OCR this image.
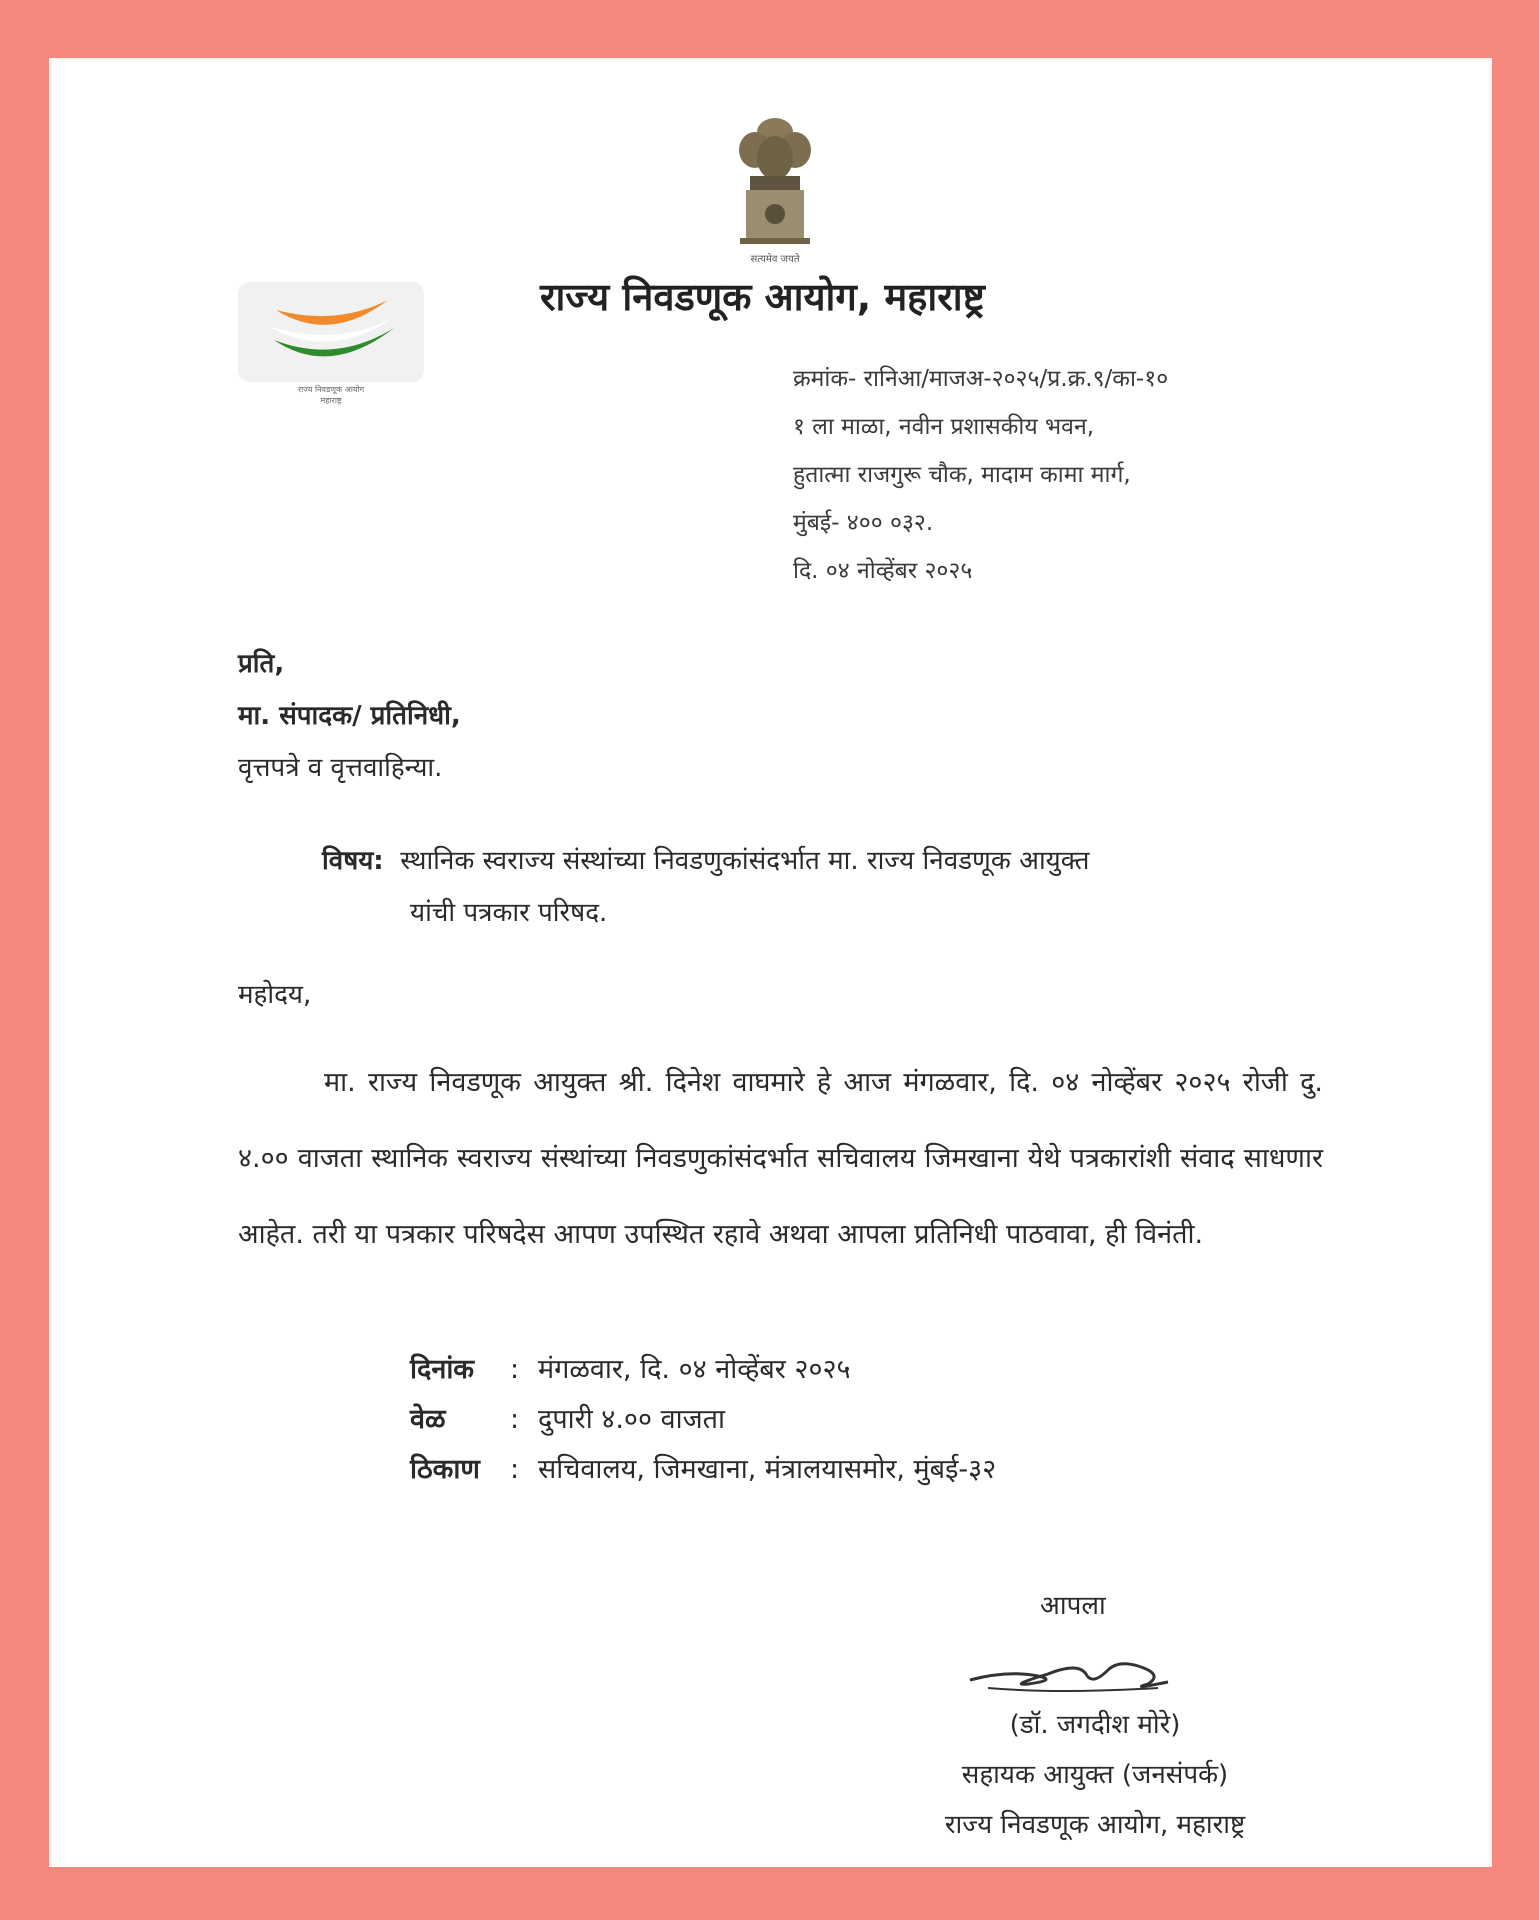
सत्यमेव जयते
राज्य निवडणूक आयोग
महाराष्ट्र
राज्य निवडणूक आयोग, महाराष्ट्र
क्रमांक- रानिआ/माजअ-२०२५/प्र.क्र.९/का-१०
१ ला माळा, नवीन प्रशासकीय भवन,
हुतात्मा राजगुरू चौक, मादाम कामा मार्ग,
मुंबई- ४०० ०३२.
दि. ०४ नोव्हेंबर २०२५
प्रति,
मा. संपादक/ प्रतिनिधी,
वृत्तपत्रे व वृत्तवाहिन्या.
विषय: स्थानिक स्वराज्य संस्थांच्या निवडणुकांसंदर्भात मा. राज्य निवडणूक आयुक्त
यांची पत्रकार परिषद.
महोदय,
मा. राज्य निवडणूक आयुक्त श्री. दिनेश वाघमारे हे आज मंगळवार, दि. ०४ नोव्हेंबर २०२५ रोजी दु. ४.०० वाजता स्थानिक स्वराज्य संस्थांच्या निवडणुकांसंदर्भात सचिवालय जिमखाना येथे पत्रकारांशी संवाद साधणार आहेत. तरी या पत्रकार परिषदेस आपण उपस्थित रहावे अथवा आपला प्रतिनिधी पाठवावा, ही विनंती.
दिनांक : मंगळवार, दि. ०४ नोव्हेंबर २०२५
वेळ : दुपारी ४.०० वाजता
ठिकाण : सचिवालय, जिमखाना, मंत्रालयासमोर, मुंबई-३२
आपला
(डॉ. जगदीश मोरे)
सहायक आयुक्त (जनसंपर्क)
राज्य निवडणूक आयोग, महाराष्ट्र
